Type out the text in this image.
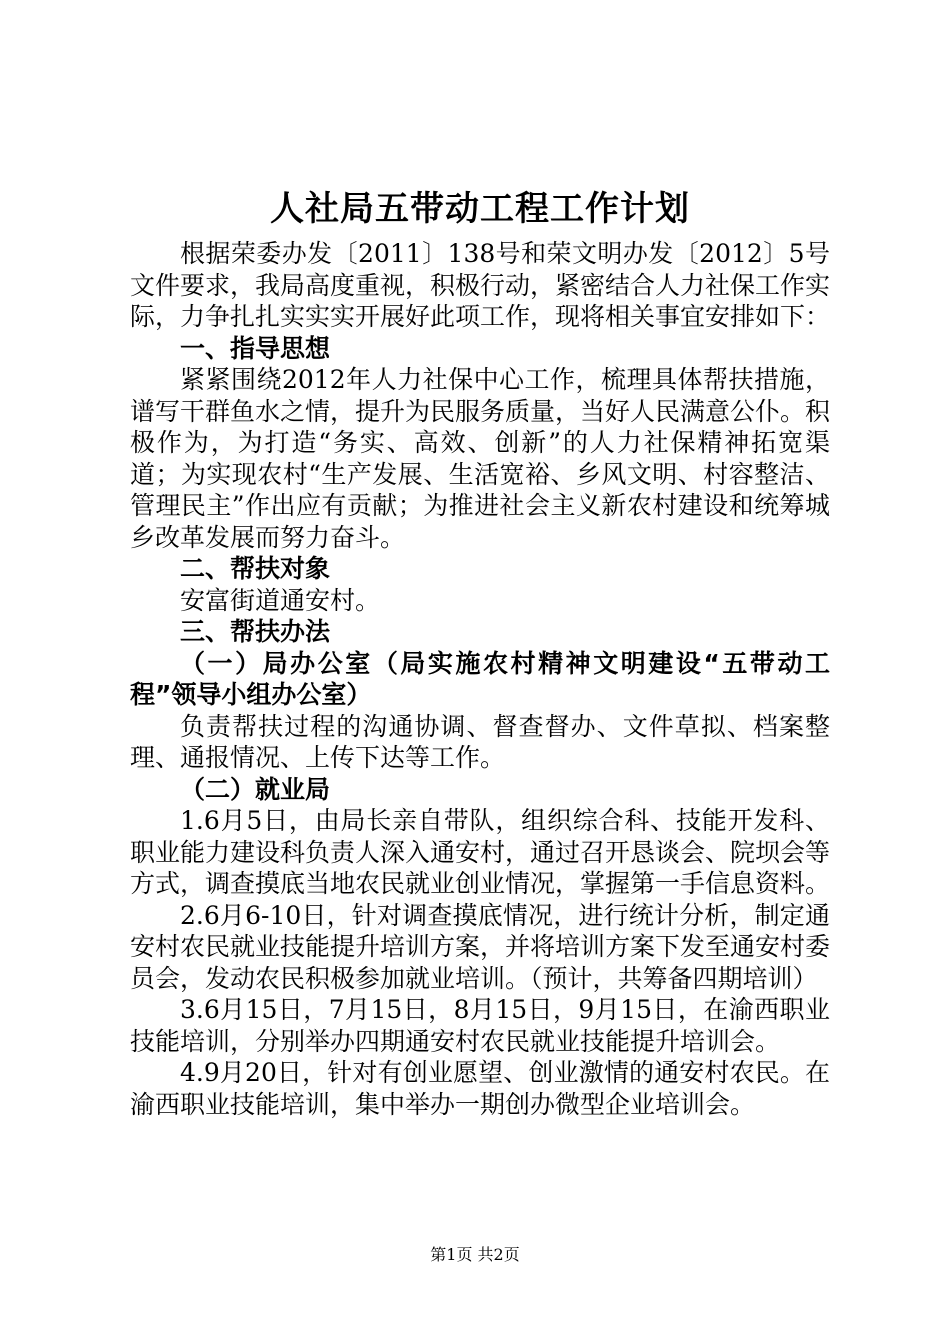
人社局五带动工程工作计划

根据荣委办发〔2011〕138号和荣文明办发〔2012〕5号文件要求，我局高度重视，积极行动，紧密结合人力社保工作实际，力争扎扎实实实开展好此项工作，现将相关事宜安排如下：

一、指导思想

紧紧围绕2012年人力社保中心工作，梳理具体帮扶措施，谱写干群鱼水之情，提升为民服务质量，当好人民满意公仆。积极作为，为打造“务实、高效、创新”的人力社保精神拓宽渠道；为实现农村“生产发展、生活宽裕、乡风文明、村容整洁、管理民主”作出应有贡献；为推进社会主义新农村建设和统筹城乡改革发展而努力奋斗。

二、帮扶对象

安富街道通安村。

三、帮扶办法

（一）局办公室（局实施农村精神文明建设“五带动工程”领导小组办公室）

负责帮扶过程的沟通协调、督查督办、文件草拟、档案整理、通报情况、上传下达等工作。

（二）就业局

1.6月5日，由局长亲自带队，组织综合科、技能开发科、职业能力建设科负责人深入通安村，通过召开恳谈会、院坝会等方式，调查摸底当地农民就业创业情况，掌握第一手信息资料。

2.6月6-10日，针对调查摸底情况，进行统计分析，制定通安村农民就业技能提升培训方案，并将培训方案下发至通安村委员会，发动农民积极参加就业培训。（预计，共筹备四期培训）

3.6月15日，7月15日，8月15日，9月15日，在渝西职业技能培训，分别举办四期通安村农民就业技能提升培训会。

4.9月20日，针对有创业愿望、创业激情的通安村农民。在渝西职业技能培训，集中举办一期创办微型企业培训会。

第1页 共2页
